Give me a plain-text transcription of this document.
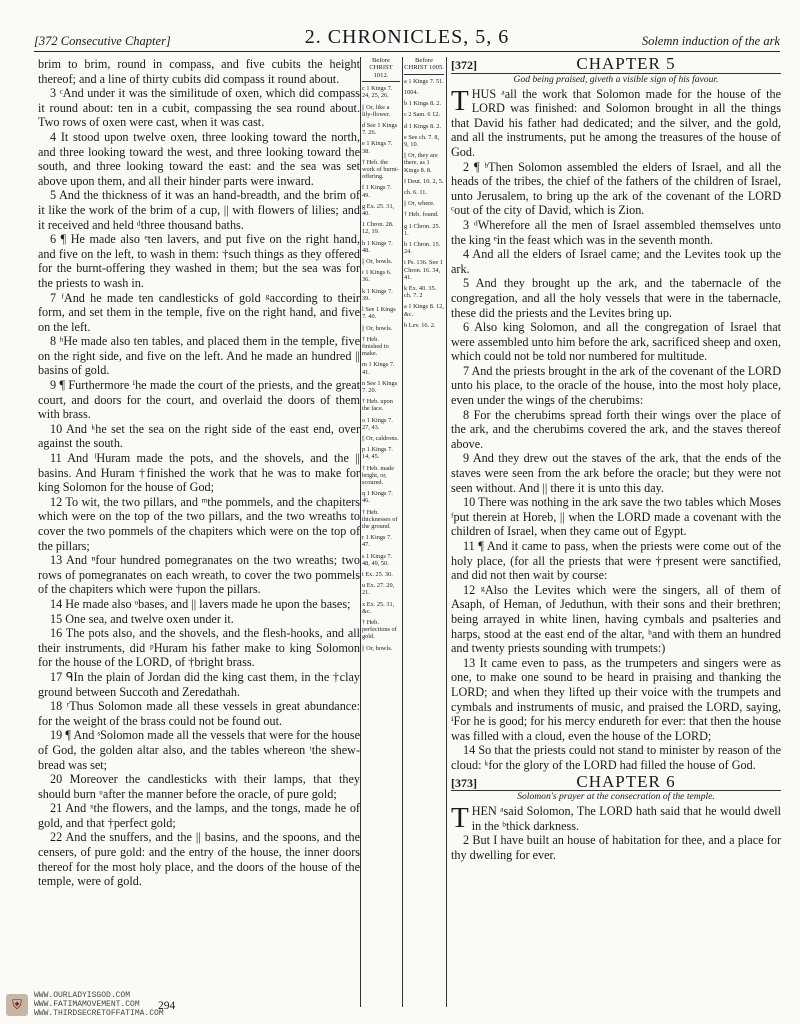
[372 Consecutive Chapter]	2. CHRONICLES, 5, 6	Solemn induction of the ark

brim to brim, round in compass, and five cubits the height thereof; and a line of thirty cubits did compass it round about.

3 ᶜAnd under it was the similitude of oxen, which did compass it round about: ten in a cubit, compassing the sea round about. Two rows of oxen were cast, when it was cast.

4 It stood upon twelve oxen, three looking toward the north, and three looking toward the west, and three looking toward the south, and three looking toward the east: and the sea was set above upon them, and all their hinder parts were inward.

5 And the thickness of it was an hand-breadth, and the brim of it like the work of the brim of a cup, || with flowers of lilies; and it received and held ᵈthree thousand baths.

6 ¶ He made also ᵉten lavers, and put five on the right hand, and five on the left, to wash in them: †such things as they offered for the burnt-offering they washed in them; but the sea was for the priests to wash in.

7 ᶠAnd he made ten candlesticks of gold ᵍaccording to their form, and set them in the temple, five on the right hand, and five on the left.

8 ʰHe made also ten tables, and placed them in the temple, five on the right side, and five on the left. And he made an hundred || basins of gold.

9 ¶ Furthermore ⁱhe made the court of the priests, and the great court, and doors for the court, and overlaid the doors of them with brass.

10 And ᵏhe set the sea on the right side of the east end, over against the south.

11 And ˡHuram made the pots, and the shovels, and the || basins. And Huram †finished the work that he was to make for king Solomon for the house of God;

12 To wit, the two pillars, and ᵐthe pommels, and the chapiters which were on the top of the two pillars, and the two wreaths to cover the two pommels of the chapiters which were on the top of the pillars;

13 And ⁿfour hundred pomegranates on the two wreaths; two rows of pomegranates on each wreath, to cover the two pommels of the chapiters which were †upon the pillars.

14 He made also ᵒbases, and || lavers made he upon the bases;

15 One sea, and twelve oxen under it.

16 The pots also, and the shovels, and the flesh-hooks, and all their instruments, did ᵖHuram his father make to king Solomon for the house of the LORD, of †bright brass.

17 ᑫIn the plain of Jordan did the king cast them, in the †clay ground between Succoth and Zeredathah.

18 ʳThus Solomon made all these vessels in great abundance: for the weight of the brass could not be found out.

19 ¶ And ˢSolomon made all the vessels that were for the house of God, the golden altar also, and the tables whereon ᵗthe shew-bread was set;

20 Moreover the candlesticks with their lamps, that they should burn ᵘafter the manner before the oracle, of pure gold;

21 And ˣthe flowers, and the lamps, and the tongs, made he of gold, and that †perfect gold;

22 And the snuffers, and the || basins, and the spoons, and the censers, of pure gold: and the entry of the house, the inner doors thereof for the most holy place, and the doors of the house of the temple, were of gold.

Before CHRIST 1012.
c 1 Kings 7. 24, 25, 26.
|| Or, like a lily-flower.
d See 1 Kings 7. 26.
e 1 Kings 7. 38.
† Heb. the work of burnt-offering.
f 1 Kings 7. 49.
g Ex. 25. 31, 40.
1 Chron. 28. 12, 19.
h 1 Kings 7. 48.
|| Or, bowls.
i 1 Kings 6. 36.
k 1 Kings 7. 39.
l See 1 Kings 7. 40.
|| Or, bowls.
† Heb. finished to make.
m 1 Kings 7. 41.
n See 1 Kings 7. 20.
† Heb. upon the face.
o 1 Kings 7. 27, 43.
|| Or, caldrons.
p 1 Kings 7. 14, 45.
† Heb. made bright, or, scoured.
q 1 Kings 7. 46.
† Heb. thicknesses of the ground.
r 1 Kings 7. 47.
s 1 Kings 7. 48, 49, 50.
t Ex. 25. 30.
u Ex. 27. 20, 21.
x Ex. 25. 31, &c.
† Heb. perfections of gold.
|| Or, bowls.
Before CHRIST 1005.
a 1 Kings 7. 51.
1004.
b 1 Kings 8. 2.
c 2 Sam. 6 12.
d 1 Kings 8. 2.
e See ch. 7. 8, 9, 10.
|| Or, they are there, as 1 Kings 8. 8.
f Deut. 10. 2, 5.
ch. 6. 11.
|| Or, where.
† Heb. found.
g 1 Chron. 25. 1.
h 1 Chron. 15. 24.
i Ps. 136. See 1 Chron. 16. 34, 41.
k Ex. 40. 35. ch. 7. 2
a 1 Kings 8. 12, &c.
b Lev. 16. 2.
[372]	CHAPTER 5
God being praised, giveth a visible sign of his favour.

THUS ᵃall the work that Solomon made for the house of the LORD was finished: and Solomon brought in all the things that David his father had dedicated; and the silver, and the gold, and all the instruments, put he among the treasures of the house of God.

2 ¶ ᵇThen Solomon assembled the elders of Israel, and all the heads of the tribes, the chief of the fathers of the children of Israel, unto Jerusalem, to bring up the ark of the covenant of the LORD ᶜout of the city of David, which is Zion.

3 ᵈWherefore all the men of Israel assembled themselves unto the king ᵉin the feast which was in the seventh month.

4 And all the elders of Israel came; and the Levites took up the ark.

5 And they brought up the ark, and the tabernacle of the congregation, and all the holy vessels that were in the tabernacle, these did the priests and the Levites bring up.

6 Also king Solomon, and all the congregation of Israel that were assembled unto him before the ark, sacrificed sheep and oxen, which could not be told nor numbered for multitude.

7 And the priests brought in the ark of the covenant of the LORD unto his place, to the oracle of the house, into the most holy place, even under the wings of the cherubims:

8 For the cherubims spread forth their wings over the place of the ark, and the cherubims covered the ark, and the staves thereof above.

9 And they drew out the staves of the ark, that the ends of the staves were seen from the ark before the oracle; but they were not seen without. And || there it is unto this day.

10 There was nothing in the ark save the two tables which Moses ᶠput therein at Horeb, || when the LORD made a covenant with the children of Israel, when they came out of Egypt.

11 ¶ And it came to pass, when the priests were come out of the holy place, (for all the priests that were †present were sanctified, and did not then wait by course:

12 ᵍAlso the Levites which were the singers, all of them of Asaph, of Heman, of Jeduthun, with their sons and their brethren; being arrayed in white linen, having cymbals and psalteries and harps, stood at the east end of the altar, ʰand with them an hundred and twenty priests sounding with trumpets:)

13 It came even to pass, as the trumpeters and singers were as one, to make one sound to be heard in praising and thanking the LORD; and when they lifted up their voice with the trumpets and cymbals and instruments of music, and praised the LORD, saying, ⁱFor he is good; for his mercy endureth for ever: that then the house was filled with a cloud, even the house of the LORD;

14 So that the priests could not stand to minister by reason of the cloud: ᵏfor the glory of the LORD had filled the house of God.

[373]	CHAPTER 6
Solomon's prayer at the consecration of the temple.

THEN ᵃsaid Solomon, The LORD hath said that he would dwell in the ᵇthick darkness.

2 But I have built an house of habitation for thee, and a place for thy dwelling for ever.

294
⛨
WWW.OURLADYISGOD.COM
WWW.FATIMAMOVEMENT.COM
WWW.THIRDSECRETOFFATIMA.COM
